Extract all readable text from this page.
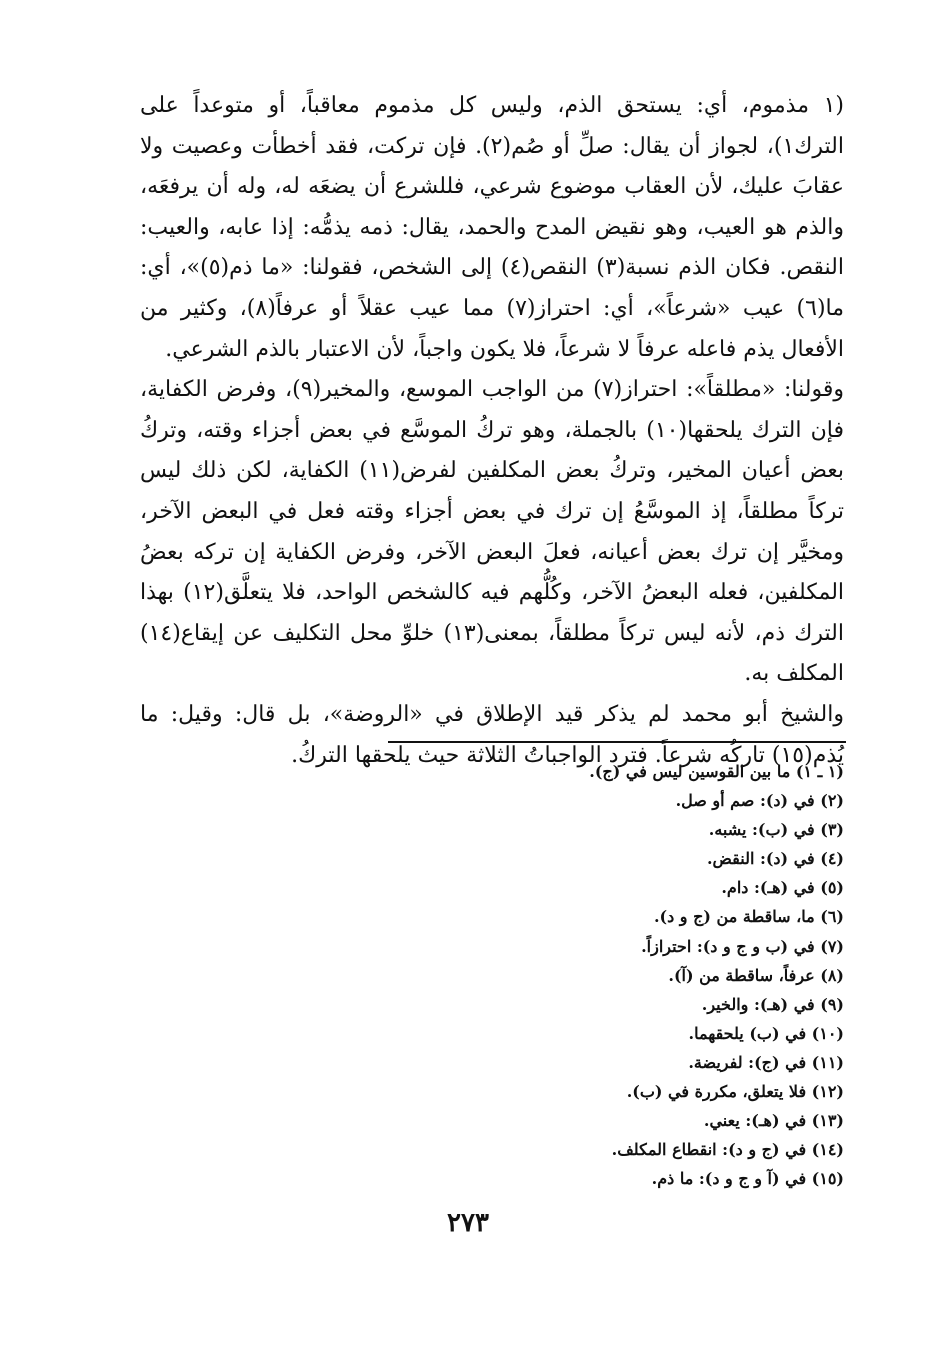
(١ مذموم، أي: يستحق الذم، وليس كل مذموم معاقباً، أو متوعداً على الترك١)، لجواز أن يقال: صلِّ أو صُم(٢). فإن تركت، فقد أخطأت وعصيت ولا عقابَ عليك، لأن العقاب موضوع شرعي، فللشرع أن يضعَه له، وله أن يرفعَه، والذم هو العيب، وهو نقيض المدح والحمد، يقال: ذمه يذمُّه: إذا عابه، والعيب: النقص. فكان الذم نسبة(٣) النقص(٤) إلى الشخص، فقولنا: «ما ذم(٥)»، أي: ما(٦) عيب «شرعاً»، أي: احتراز(٧) مما عيب عقلاً أو عرفاً(٨)، وكثير من الأفعال يذم فاعله عرفاً لا شرعاً، فلا يكون واجباً، لأن الاعتبار بالذم الشرعي.

وقولنا: «مطلقاً»: احتراز(٧) من الواجب الموسع، والمخير(٩)، وفرض الكفاية، فإن الترك يلحقها(١٠) بالجملة، وهو تركُ الموسَّع في بعض أجزاء وقته، وتركُ بعض أعيان المخير، وتركُ بعض المكلفين لفرض(١١) الكفاية، لكن ذلك ليس تركاً مطلقاً، إذ الموسَّعُ إن ترك في بعض أجزاء وقته فعل في البعض الآخر، ومخيَّر إن ترك بعض أعيانه، فعلَ البعض الآخر، وفرض الكفاية إن تركه بعضُ المكلفين، فعله البعضُ الآخر، وكُلُّهم فيه كالشخص الواحد، فلا يتعلَّق(١٢) بهذا الترك ذم، لأنه ليس تركاً مطلقاً، بمعنى(١٣) خلوِّ محل التكليف عن إيقاع(١٤) المكلف به.

والشيخ أبو محمد لم يذكر قيد الإطلاق في «الروضة»، بل قال: وقيل: ما يُذم(١٥) تاركُه شرعاً. فترد الواجباتُ الثلاثة حيث يلحقها التركُ.

(١ ـ ١) ما بين القوسين ليس في (ج).

(٢) في (د): صم أو صل.

(٣) في (ب): يشبه.

(٤) في (د): النقض.

(٥) في (هـ): دام.

(٦) ما، ساقطة من (ج و د).

(٧) في (ب و ج و د): احترازاً.

(٨) عرفاً، ساقطة من (آ).

(٩) في (هـ): والخير.

(١٠) في (ب) يلحقهما.

(١١) في (ج): لفريضة.

(١٢) فلا يتعلق، مكررة في (ب).

(١٣) في (هـ): يعني.

(١٤) في (ج و د): انقطاع المكلف.

(١٥) في (آ و ج و د): ما ذم.

٢٧٣
